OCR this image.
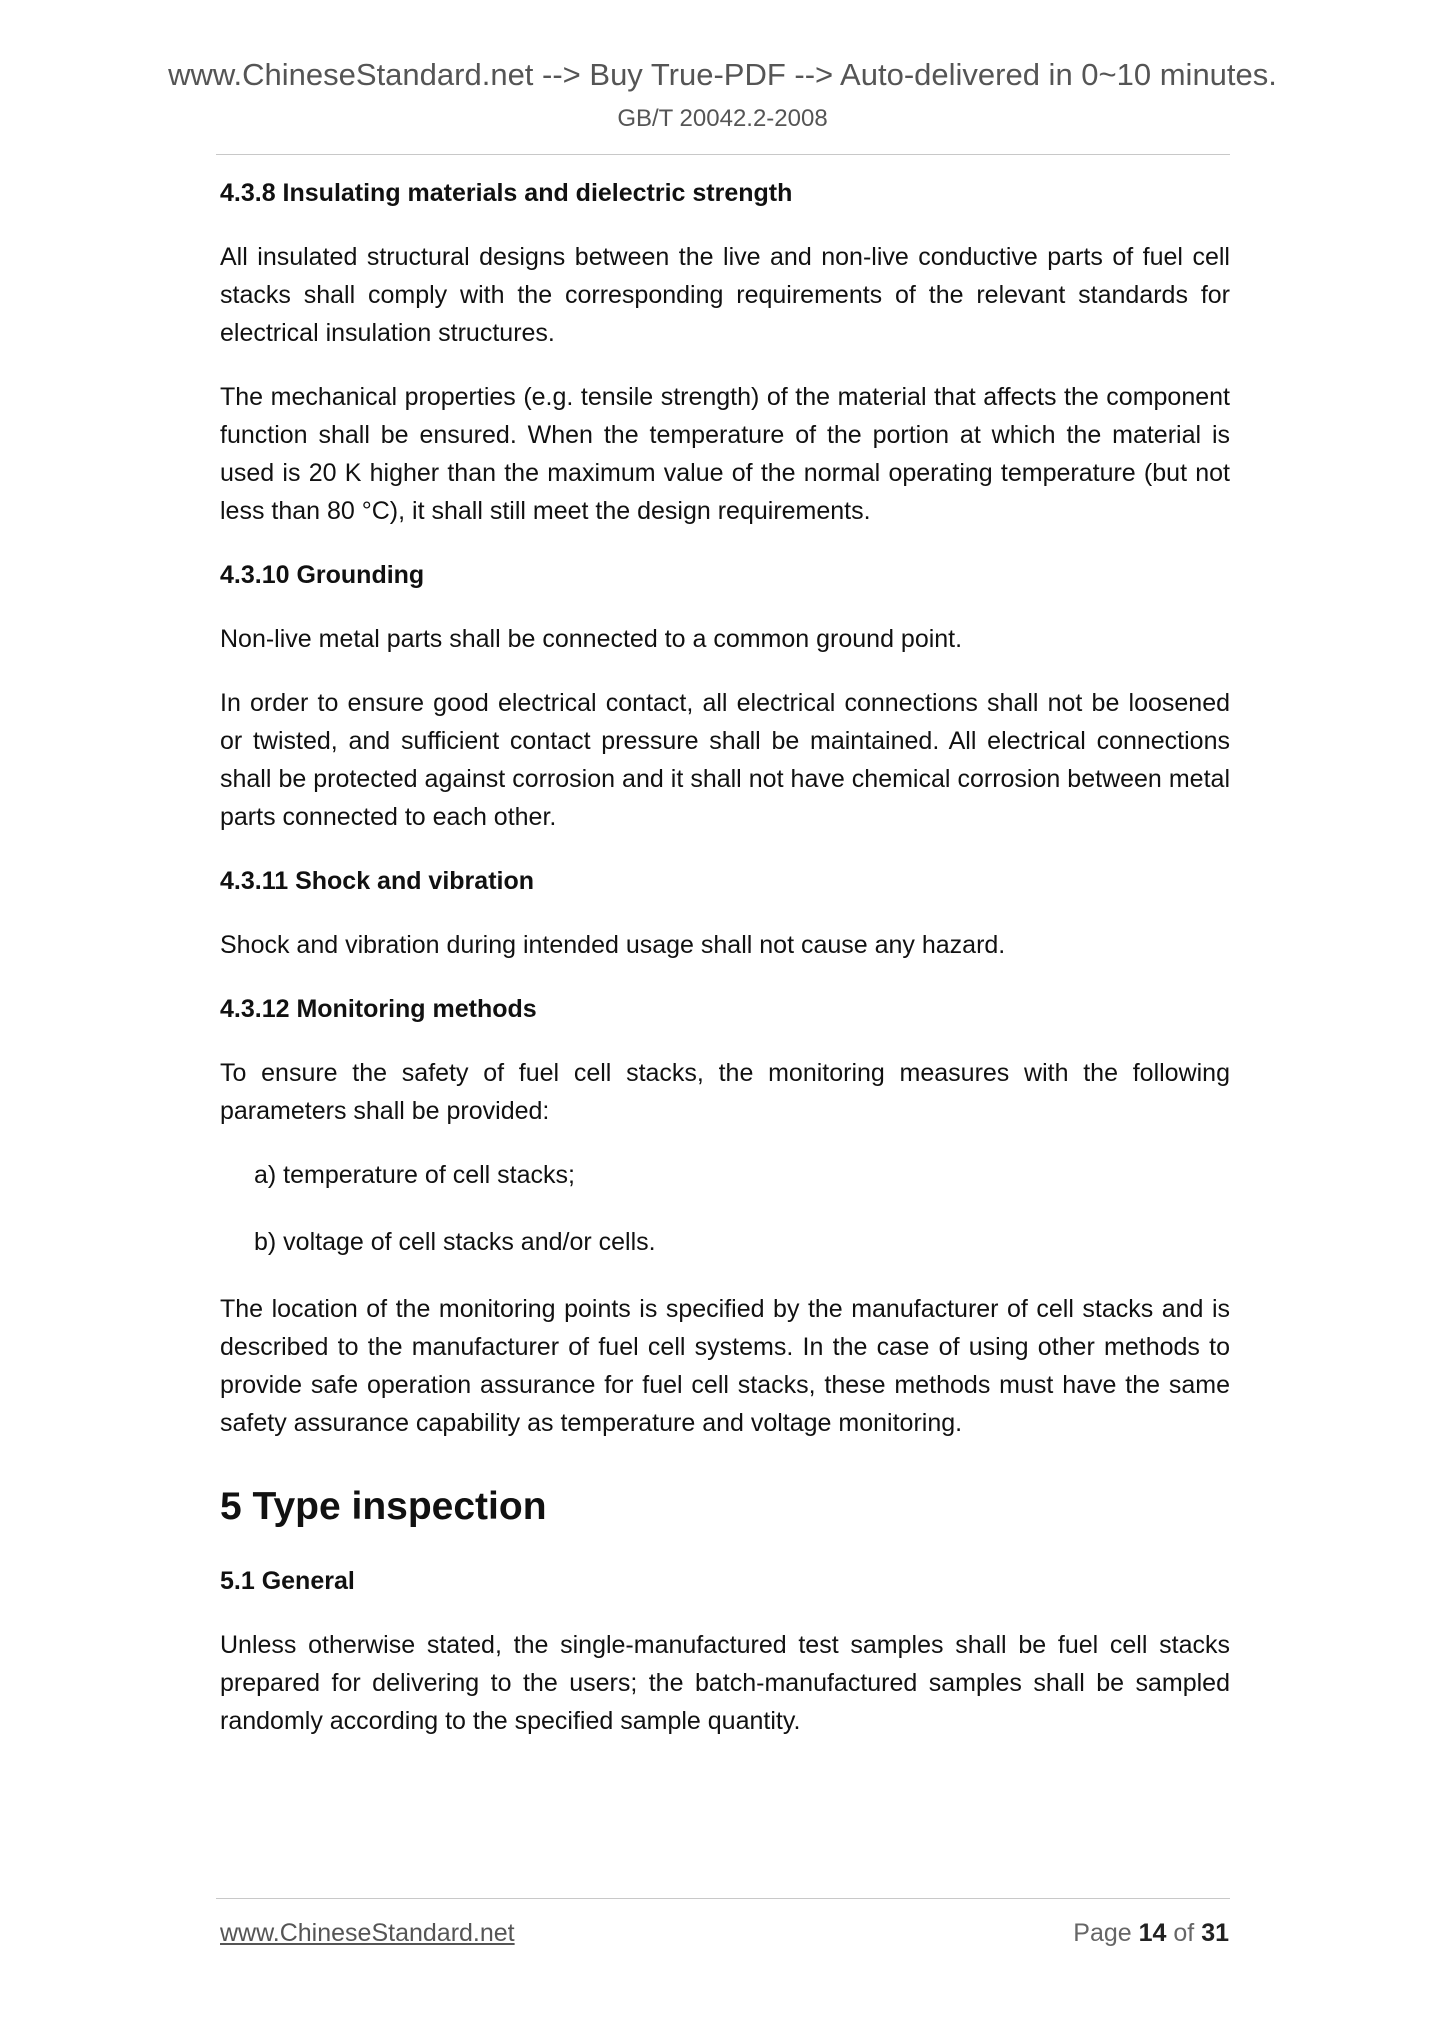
www.ChineseStandard.net --> Buy True-PDF --> Auto-delivered in 0~10 minutes.
GB/T 20042.2-2008
4.3.8 Insulating materials and dielectric strength
All insulated structural designs between the live and non-live conductive parts of fuel cell stacks shall comply with the corresponding requirements of the relevant standards for electrical insulation structures.
The mechanical properties (e.g. tensile strength) of the material that affects the component function shall be ensured. When the temperature of the portion at which the material is used is 20 K higher than the maximum value of the normal operating temperature (but not less than 80 °C), it shall still meet the design requirements.
4.3.10 Grounding
Non-live metal parts shall be connected to a common ground point.
In order to ensure good electrical contact, all electrical connections shall not be loosened or twisted, and sufficient contact pressure shall be maintained. All electrical connections shall be protected against corrosion and it shall not have chemical corrosion between metal parts connected to each other.
4.3.11 Shock and vibration
Shock and vibration during intended usage shall not cause any hazard.
4.3.12 Monitoring methods
To ensure the safety of fuel cell stacks, the monitoring measures with the following parameters shall be provided:
a) temperature of cell stacks;
b) voltage of cell stacks and/or cells.
The location of the monitoring points is specified by the manufacturer of cell stacks and is described to the manufacturer of fuel cell systems. In the case of using other methods to provide safe operation assurance for fuel cell stacks, these methods must have the same safety assurance capability as temperature and voltage monitoring.
5 Type inspection
5.1 General
Unless otherwise stated, the single-manufactured test samples shall be fuel cell stacks prepared for delivering to the users; the batch-manufactured samples shall be sampled randomly according to the specified sample quantity.
www.ChineseStandard.net	Page 14 of 31
